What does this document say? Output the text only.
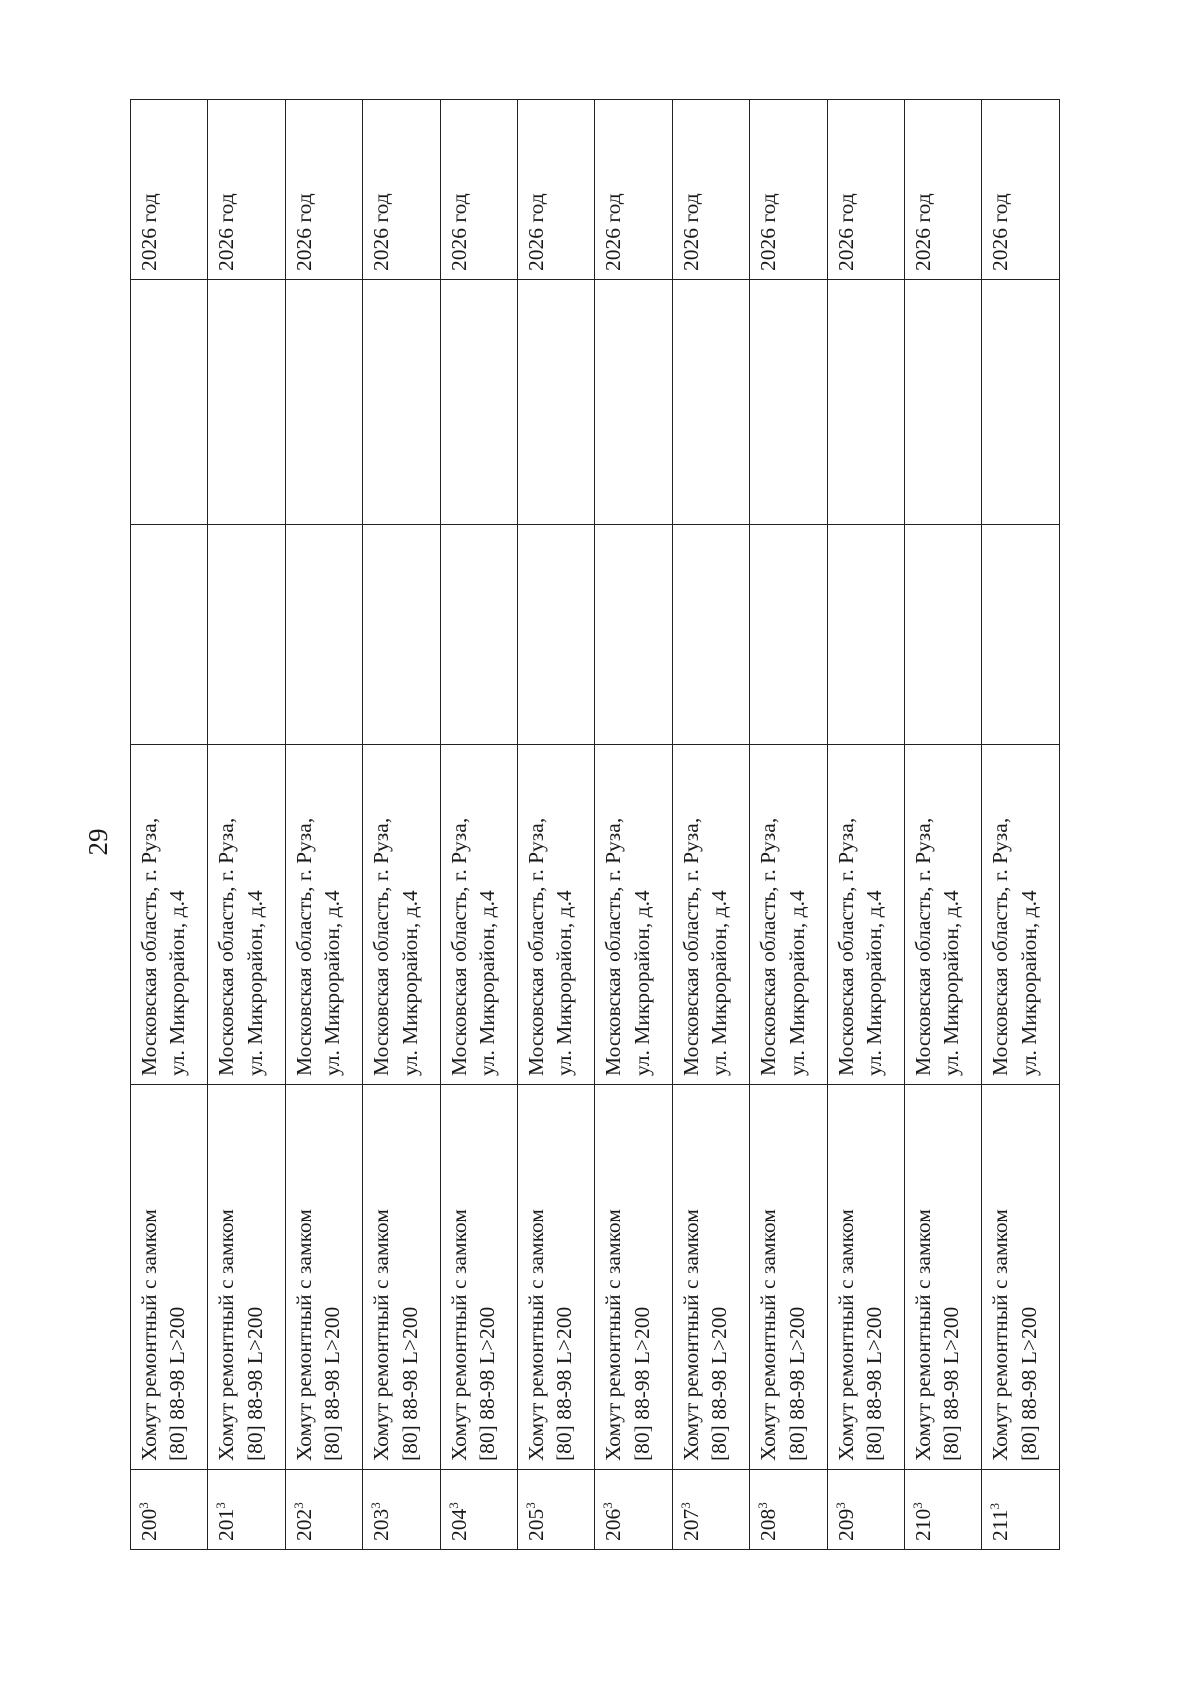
29
$200^3$	Хомут ремонтный с замком [80] 88-98 L>200	Московская область, г. Руза, ул. Микрорайон, д.4			2026 год
$201^3$	Хомут ремонтный с замком [80] 88-98 L>200	Московская область, г. Руза, ул. Микрорайон, д.4			2026 год
$202^3$	Хомут ремонтный с замком [80] 88-98 L>200	Московская область, г. Руза, ул. Микрорайон, д.4			2026 год
$203^3$	Хомут ремонтный с замком [80] 88-98 L>200	Московская область, г. Руза, ул. Микрорайон, д.4			2026 год
$204^3$	Хомут ремонтный с замком [80] 88-98 L>200	Московская область, г. Руза, ул. Микрорайон, д.4			2026 год
$205^3$	Хомут ремонтный с замком [80] 88-98 L>200	Московская область, г. Руза, ул. Микрорайон, д.4			2026 год
$206^3$	Хомут ремонтный с замком [80] 88-98 L>200	Московская область, г. Руза, ул. Микрорайон, д.4			2026 год
$207^3$	Хомут ремонтный с замком [80] 88-98 L>200	Московская область, г. Руза, ул. Микрорайон, д.4			2026 год
$208^3$	Хомут ремонтный с замком [80] 88-98 L>200	Московская область, г. Руза, ул. Микрорайон, д.4			2026 год
$209^3$	Хомут ремонтный с замком [80] 88-98 L>200	Московская область, г. Руза, ул. Микрорайон, д.4			2026 год
$210^3$	Хомут ремонтный с замком [80] 88-98 L>200	Московская область, г. Руза, ул. Микрорайон, д.4			2026 год
$211^3$	Хомут ремонтный с замком [80] 88-98 L>200	Московская область, г. Руза, ул. Микрорайон, д.4			2026 год
